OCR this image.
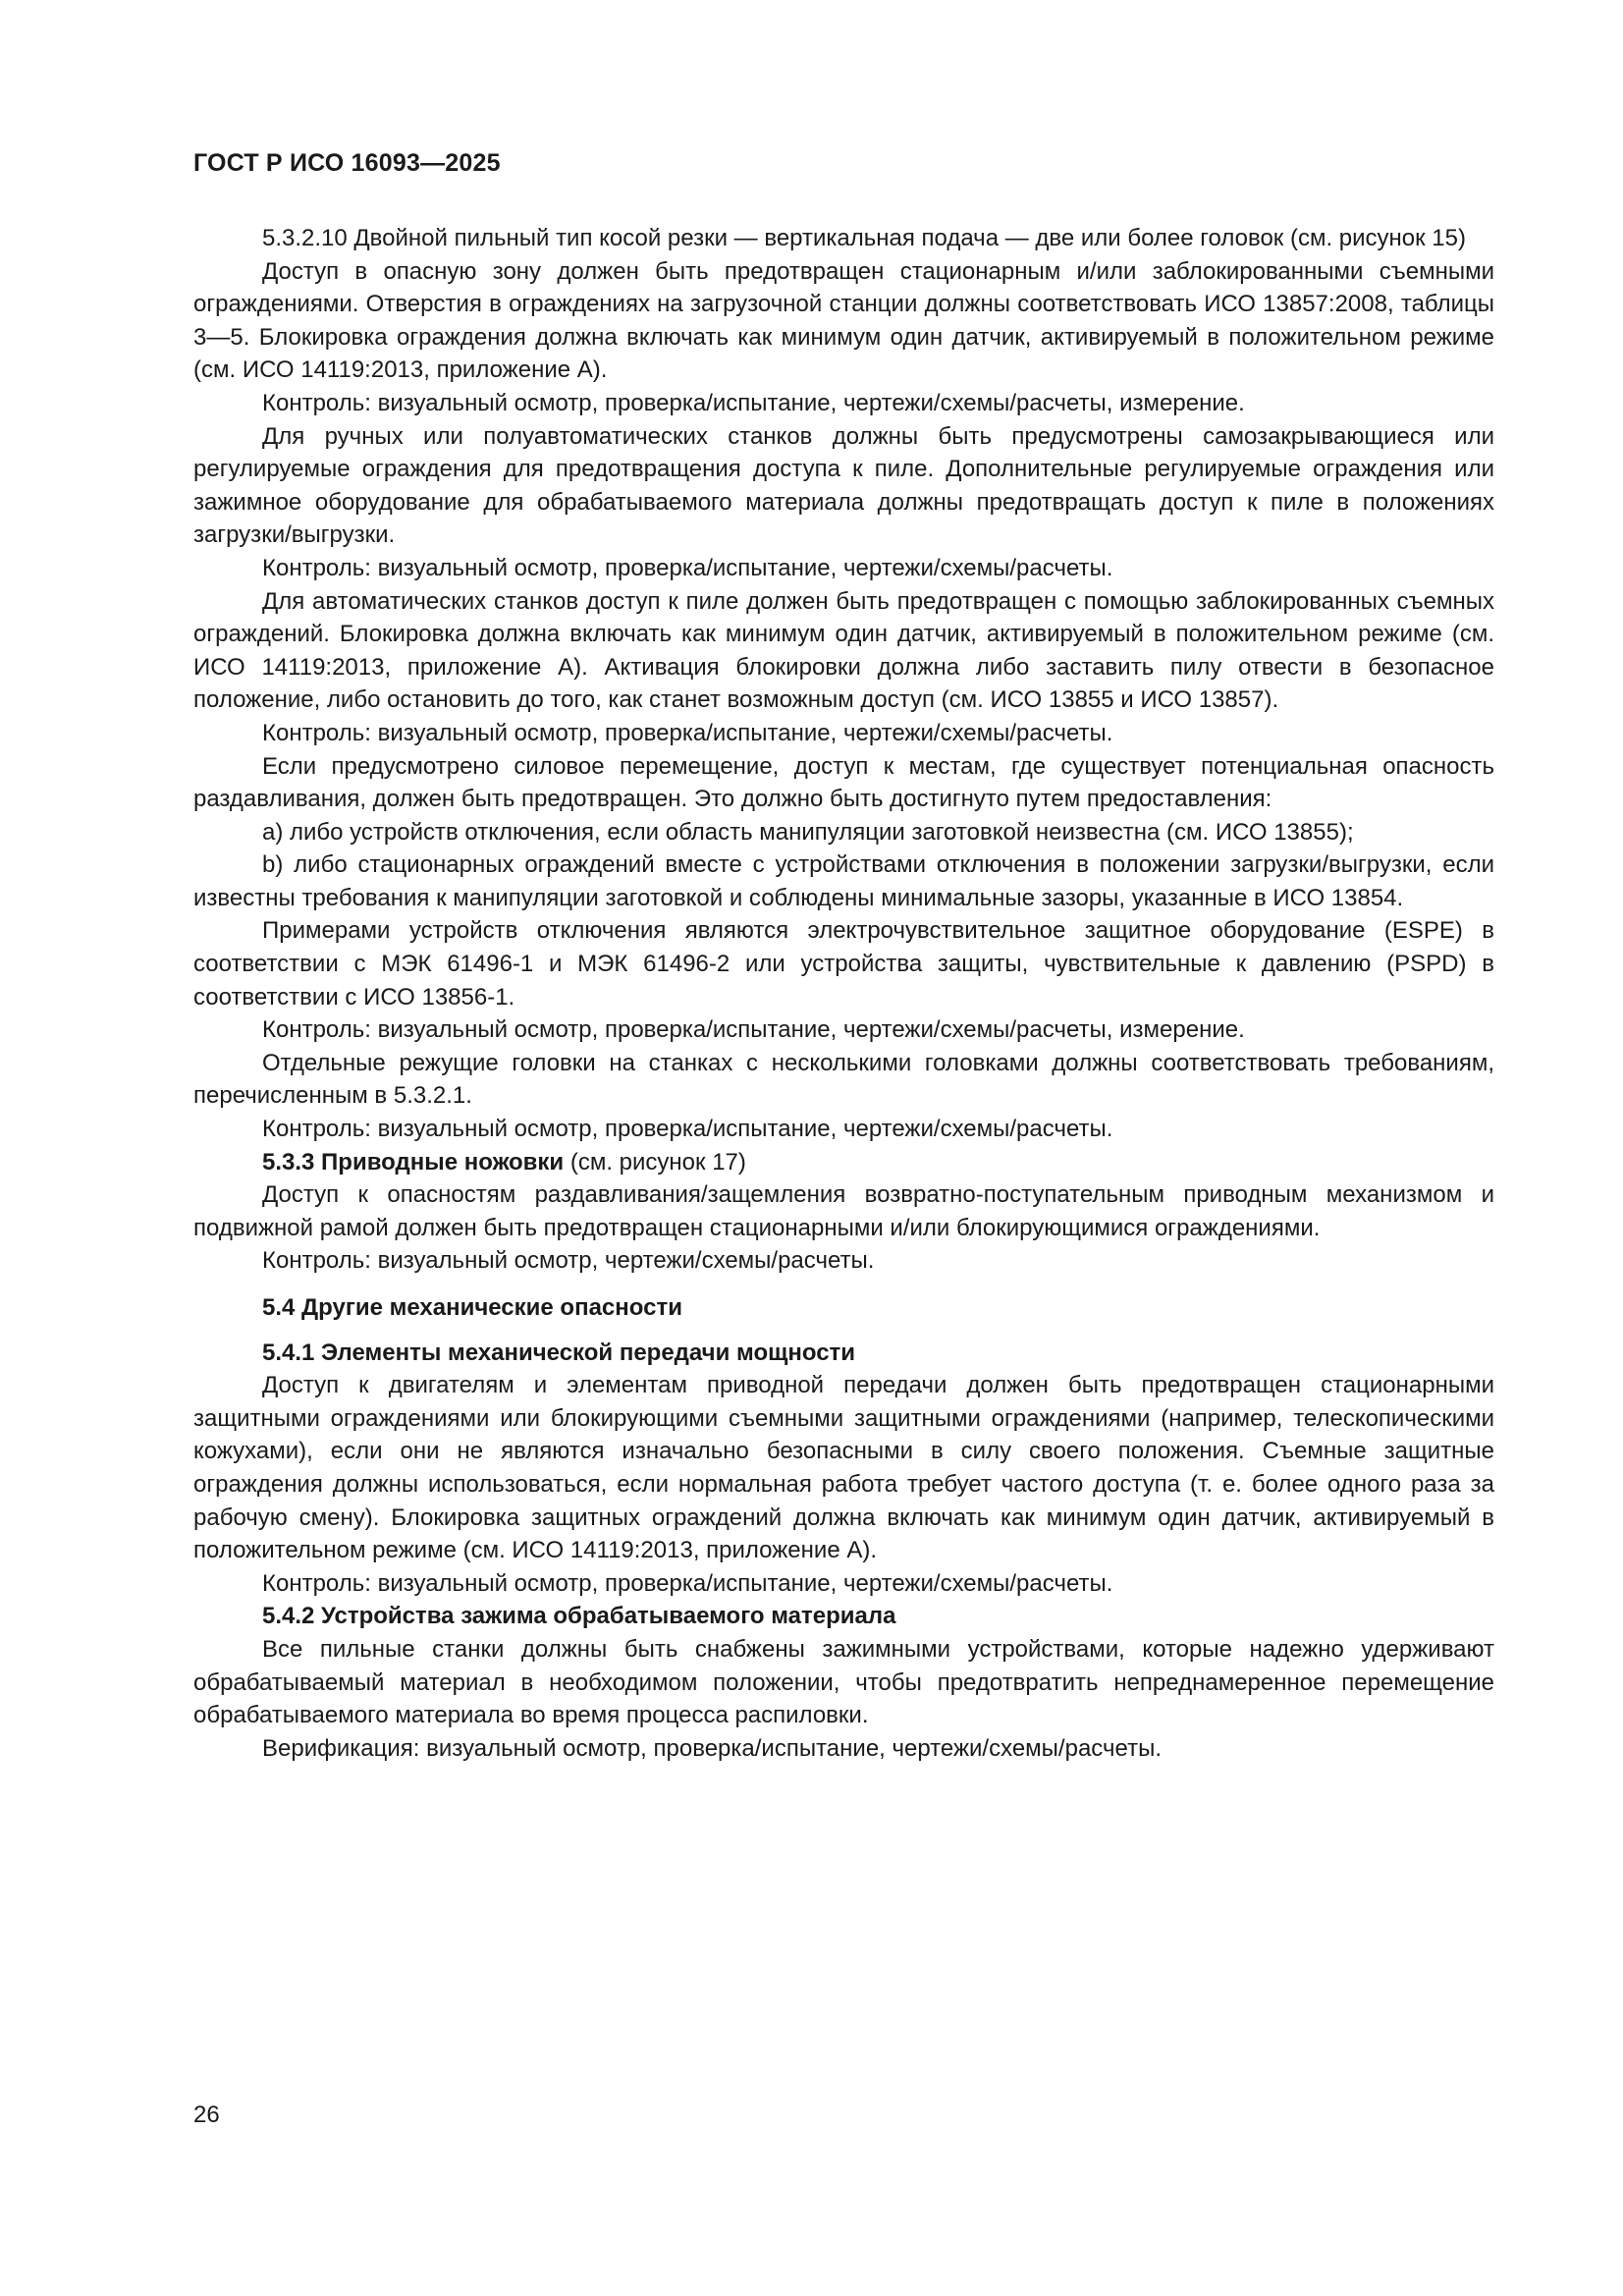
ГОСТ Р ИСО 16093—2025

5.3.2.10 Двойной пильный тип косой резки — вертикальная подача — две или более головок (см. рисунок 15)

Доступ в опасную зону должен быть предотвращен стационарным и/или заблокированными съемными ограждениями. Отверстия в ограждениях на загрузочной станции должны соответствовать ИСО 13857:2008, таблицы 3—5. Блокировка ограждения должна включать как минимум один датчик, активируемый в положительном режиме (см. ИСО 14119:2013, приложение А).

Контроль: визуальный осмотр, проверка/испытание, чертежи/схемы/расчеты, измерение.

Для ручных или полуавтоматических станков должны быть предусмотрены самозакрывающиеся или регулируемые ограждения для предотвращения доступа к пиле. Дополнительные регулируемые ограждения или зажимное оборудование для обрабатываемого материала должны предотвращать доступ к пиле в положениях загрузки/выгрузки.

Контроль: визуальный осмотр, проверка/испытание, чертежи/схемы/расчеты.

Для автоматических станков доступ к пиле должен быть предотвращен с помощью заблокированных съемных ограждений. Блокировка должна включать как минимум один датчик, активируемый в положительном режиме (см. ИСО 14119:2013, приложение А). Активация блокировки должна либо заставить пилу отвести в безопасное положение, либо остановить до того, как станет возможным доступ (см. ИСО 13855 и ИСО 13857).

Контроль: визуальный осмотр, проверка/испытание, чертежи/схемы/расчеты.

Если предусмотрено силовое перемещение, доступ к местам, где существует потенциальная опасность раздавливания, должен быть предотвращен. Это должно быть достигнуто путем предоставления:

a) либо устройств отключения, если область манипуляции заготовкой неизвестна (см. ИСО 13855);

b) либо стационарных ограждений вместе с устройствами отключения в положении загрузки/выгрузки, если известны требования к манипуляции заготовкой и соблюдены минимальные зазоры, указанные в ИСО 13854.

Примерами устройств отключения являются электрочувствительное защитное оборудование (ESPE) в соответствии с МЭК 61496-1 и МЭК 61496-2 или устройства защиты, чувствительные к давлению (PSPD) в соответствии с ИСО 13856-1.

Контроль: визуальный осмотр, проверка/испытание, чертежи/схемы/расчеты, измерение.

Отдельные режущие головки на станках с несколькими головками должны соответствовать требованиям, перечисленным в 5.3.2.1.

Контроль: визуальный осмотр, проверка/испытание, чертежи/схемы/расчеты.

5.3.3 Приводные ножовки (см. рисунок 17)

Доступ к опасностям раздавливания/защемления возвратно-поступательным приводным механизмом и подвижной рамой должен быть предотвращен стационарными и/или блокирующимися ограждениями.

Контроль: визуальный осмотр, чертежи/схемы/расчеты.

5.4 Другие механические опасности

5.4.1 Элементы механической передачи мощности

Доступ к двигателям и элементам приводной передачи должен быть предотвращен стационарными защитными ограждениями или блокирующими съемными защитными ограждениями (например, телескопическими кожухами), если они не являются изначально безопасными в силу своего положения. Съемные защитные ограждения должны использоваться, если нормальная работа требует частого доступа (т. е. более одного раза за рабочую смену). Блокировка защитных ограждений должна включать как минимум один датчик, активируемый в положительном режиме (см. ИСО 14119:2013, приложение А).

Контроль: визуальный осмотр, проверка/испытание, чертежи/схемы/расчеты.

5.4.2 Устройства зажима обрабатываемого материала

Все пильные станки должны быть снабжены зажимными устройствами, которые надежно удерживают обрабатываемый материал в необходимом положении, чтобы предотвратить непреднамеренное перемещение обрабатываемого материала во время процесса распиловки.

Верификация: визуальный осмотр, проверка/испытание, чертежи/схемы/расчеты.

26
